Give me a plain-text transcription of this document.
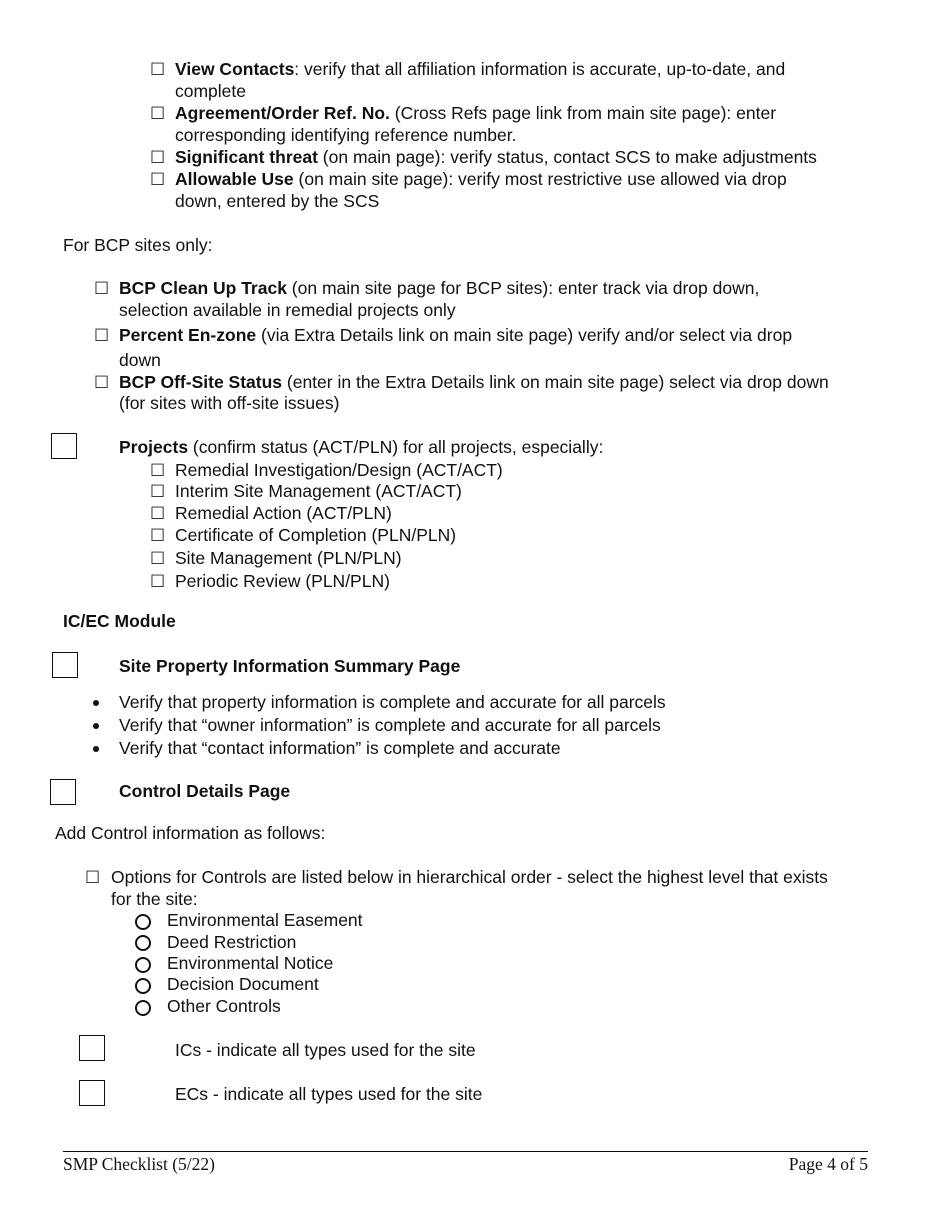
☐ View Contacts: verify that all affiliation information is accurate, up-to-date, and
complete
☐ Agreement/Order Ref. No. (Cross Refs page link from main site page): enter
corresponding identifying reference number.
☐ Significant threat (on main page): verify status, contact SCS to make adjustments
☐ Allowable Use (on main site page): verify most restrictive use allowed via drop
down, entered by the SCS
For BCP sites only:
☐ BCP Clean Up Track (on main site page for BCP sites): enter track via drop down,
selection available in remedial projects only
☐ Percent En-zone (via Extra Details link on main site page) verify and/or select via drop
down
☐ BCP Off-Site Status (enter in the Extra Details link on main site page) select via drop down
(for sites with off-site issues)
Projects (confirm status (ACT/PLN) for all projects, especially:
☐ Remedial Investigation/Design (ACT/ACT)
☐ Interim Site Management (ACT/ACT)
☐ Remedial Action (ACT/PLN)
☐ Certificate of Completion (PLN/PLN)
☐ Site Management (PLN/PLN)
☐ Periodic Review (PLN/PLN)
IC/EC Module
Site Property Information Summary Page
Verify that property information is complete and accurate for all parcels
Verify that “owner information” is complete and accurate for all parcels
Verify that “contact information” is complete and accurate
Control Details Page
Add Control information as follows:
☐ Options for Controls are listed below in hierarchical order - select the highest level that exists
for the site:
Environmental Easement
Deed Restriction
Environmental Notice
Decision Document
Other Controls
ICs - indicate all types used for the site
ECs - indicate all types used for the site
SMP Checklist (5/22)	Page 4 of 5
